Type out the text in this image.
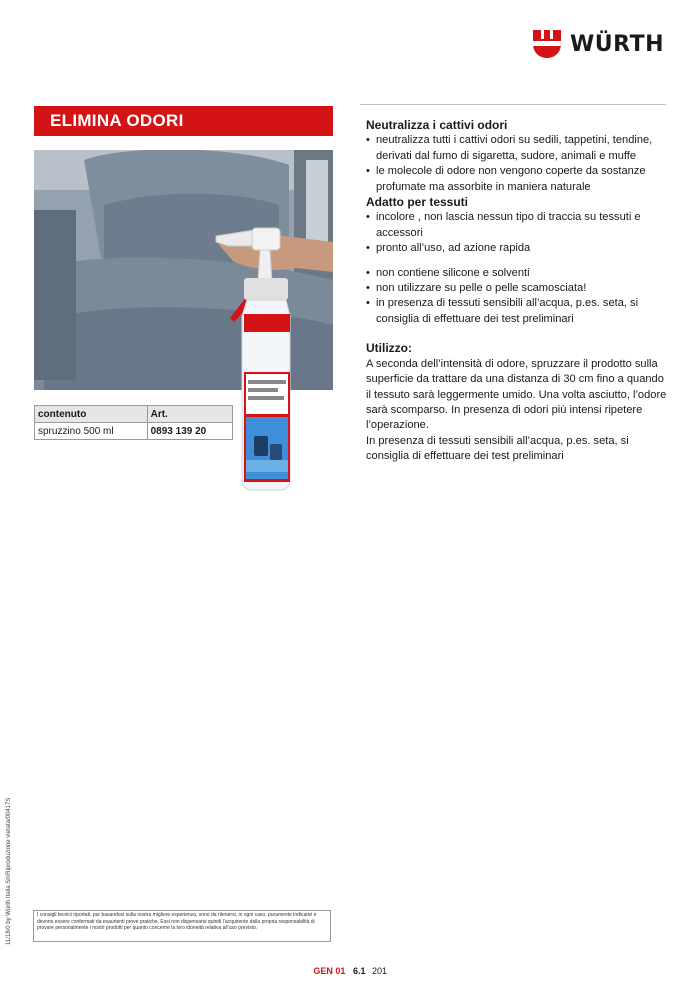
WÜRTH
ELIMINA ODORI
contenuto	Art.
spruzzino 500 ml	0893 139 20
Neutralizza i cattivi odori
• neutralizza tutti i cattivi odori su sedili, tappetini, tendine, derivati dal fumo di sigaretta, sudore, animali e muffe
• le molecole di odore non vengono coperte da sostanze profumate ma assorbite in maniera naturale
Adatto per tessuti
• incolore , non lascia nessun tipo di traccia su tessuti e accessori
• pronto all’uso, ad azione rapida
• non contiene silicone e solventi
• non utilizzare su pelle o pelle scamosciata!
• in presenza di tessuti sensibili all’acqua, p.es. seta, si consiglia di effettuare dei test preliminari
Utilizzo:

A seconda dell’intensità di odore, spruzzare il prodotto sulla superficie da trattare da una distanza di 30 cm fino a quando il tessuto sarà leggermente umido. Una volta asciutto, l’odore sarà scomparso. In presenza di odori più intensi ripetere l’operazione.

In presenza di tessuti sensibili all’acqua, p.es. seta, si consiglia di effettuare dei test preliminari

11/18/0 by Würth Italia Srl/Riproduzione vietata/00417S	I consigli tecnici riportati, pur basandosi sulla nostra migliore esperienza, sono da ritenersi, in ogni caso, puramente indicativi e devono essere confermati da esaurienti prove pratiche. Essi non dispensano quindi l’acquirente dalla propria responsabilità di provare personalmente i nostri prodotti per quanto concerne la loro idoneità relativa all’uso previsto.
GEN 01 6.1 201
